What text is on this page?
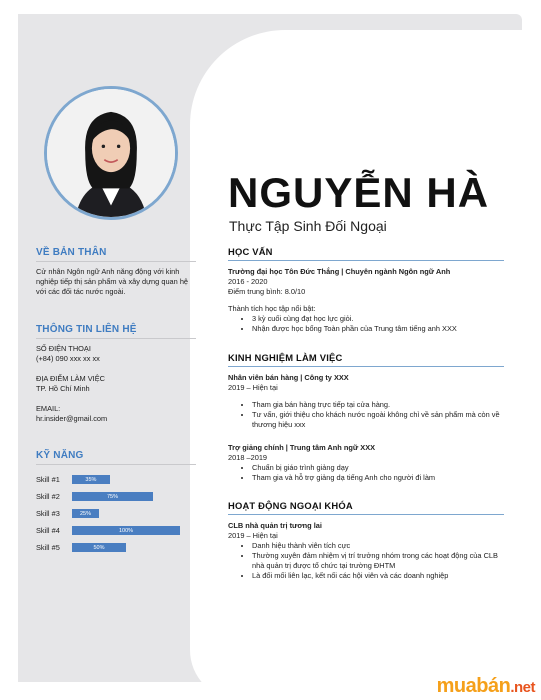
VỀ BẢN THÂN

Cử nhân Ngôn ngữ Anh năng động với kinh nghiệp tiếp thị sản phẩm và xây dựng quan hệ với các đối tác nước ngoài.

THÔNG TIN LIÊN HỆ
SỐ ĐIỆN THOẠI
(+84) 090 xxx xx xx
ĐỊA ĐIỂM LÀM VIỆC
TP. Hồ Chí Minh
EMAIL:
hr.insider@gmail.com
KỸ NĂNG
Skill #1	35%
Skill #2	75%
Skill #3	25%
Skill #4	100%
Skill #5	50%
NGUYỄN HÀ

Thực Tập Sinh Đối Ngoại

HỌC VẤN

Trường đại học Tôn Đức Thắng | Chuyên ngành Ngôn ngữ Anh

2016 - 2020

Điểm trung bình: 8.0/10

Thành tích học tập nổi bật:

• 3 kỳ cuối cùng đạt học lực giỏi.
• Nhận được học bổng Toàn phần của Trung tâm tiếng anh XXX
KINH NGHIỆM LÀM VIỆC

Nhân viên bán hàng | Công ty XXX

2019 – Hiện tại

• Tham gia bán hàng trực tiếp tại cửa hàng.
• Tư vấn, giới thiệu cho khách nước ngoài không chỉ về sản phẩm mà còn về thương hiệu xxx

Trợ giảng chính | Trung tâm Anh ngữ XXX

2018 –2019

• Chuẩn bị giáo trình giảng dạy
• Tham gia và hỗ trợ giảng dạ tiếng Anh cho người đi làm
HOẠT ĐỘNG NGOẠI KHÓA

CLB nhà quản trị tương lai

2019 – Hiện tại

• Danh hiệu thành viên tích cực
• Thường xuyên đảm nhiệm vị trí trưởng nhóm trong các hoạt động của CLB nhà quản trị được tổ chức tại trường ĐHTM
• Là đối mối liên lạc, kết nối các hội viên và các doanh nghiệp
muabán.net
